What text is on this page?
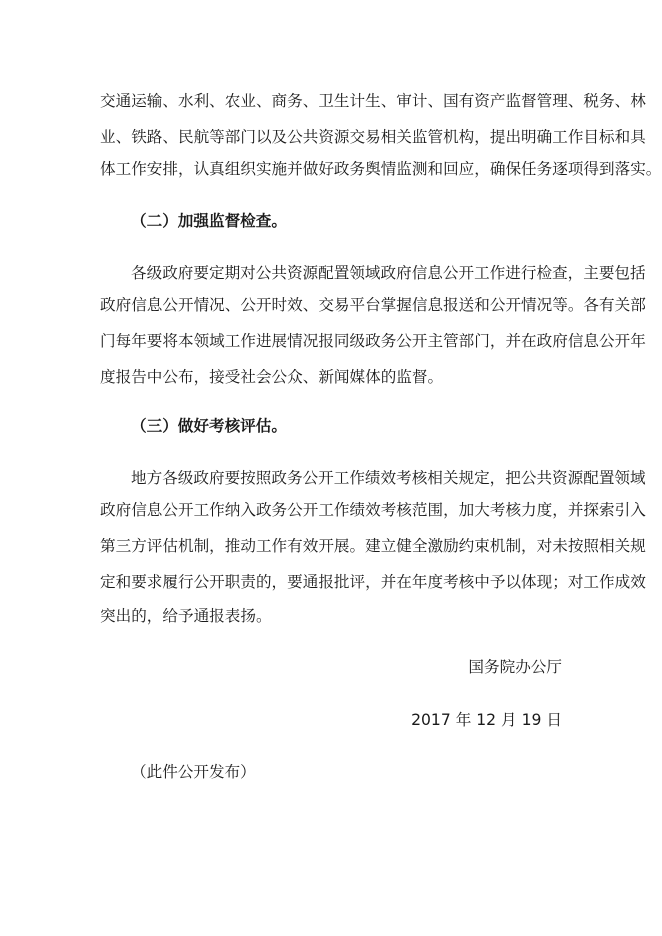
交通运输、水利、农业、商务、卫生计生、审计、国有资产监督管理、税务、林
业、铁路、民航等部门以及公共资源交易相关监管机构，提出明确工作目标和具
体工作安排，认真组织实施并做好政务舆情监测和回应，确保任务逐项得到落实。
（二）加强监督检查。
各级政府要定期对公共资源配置领域政府信息公开工作进行检查，主要包括
政府信息公开情况、公开时效、交易平台掌握信息报送和公开情况等。各有关部
门每年要将本领域工作进展情况报同级政务公开主管部门，并在政府信息公开年
度报告中公布，接受社会公众、新闻媒体的监督。
（三）做好考核评估。
地方各级政府要按照政务公开工作绩效考核相关规定，把公共资源配置领域
政府信息公开工作纳入政务公开工作绩效考核范围，加大考核力度，并探索引入
第三方评估机制，推动工作有效开展。建立健全激励约束机制，对未按照相关规
定和要求履行公开职责的，要通报批评，并在年度考核中予以体现；对工作成效
突出的，给予通报表扬。
国务院办公厅
2017 年 12 月 19 日
（此件公开发布）
